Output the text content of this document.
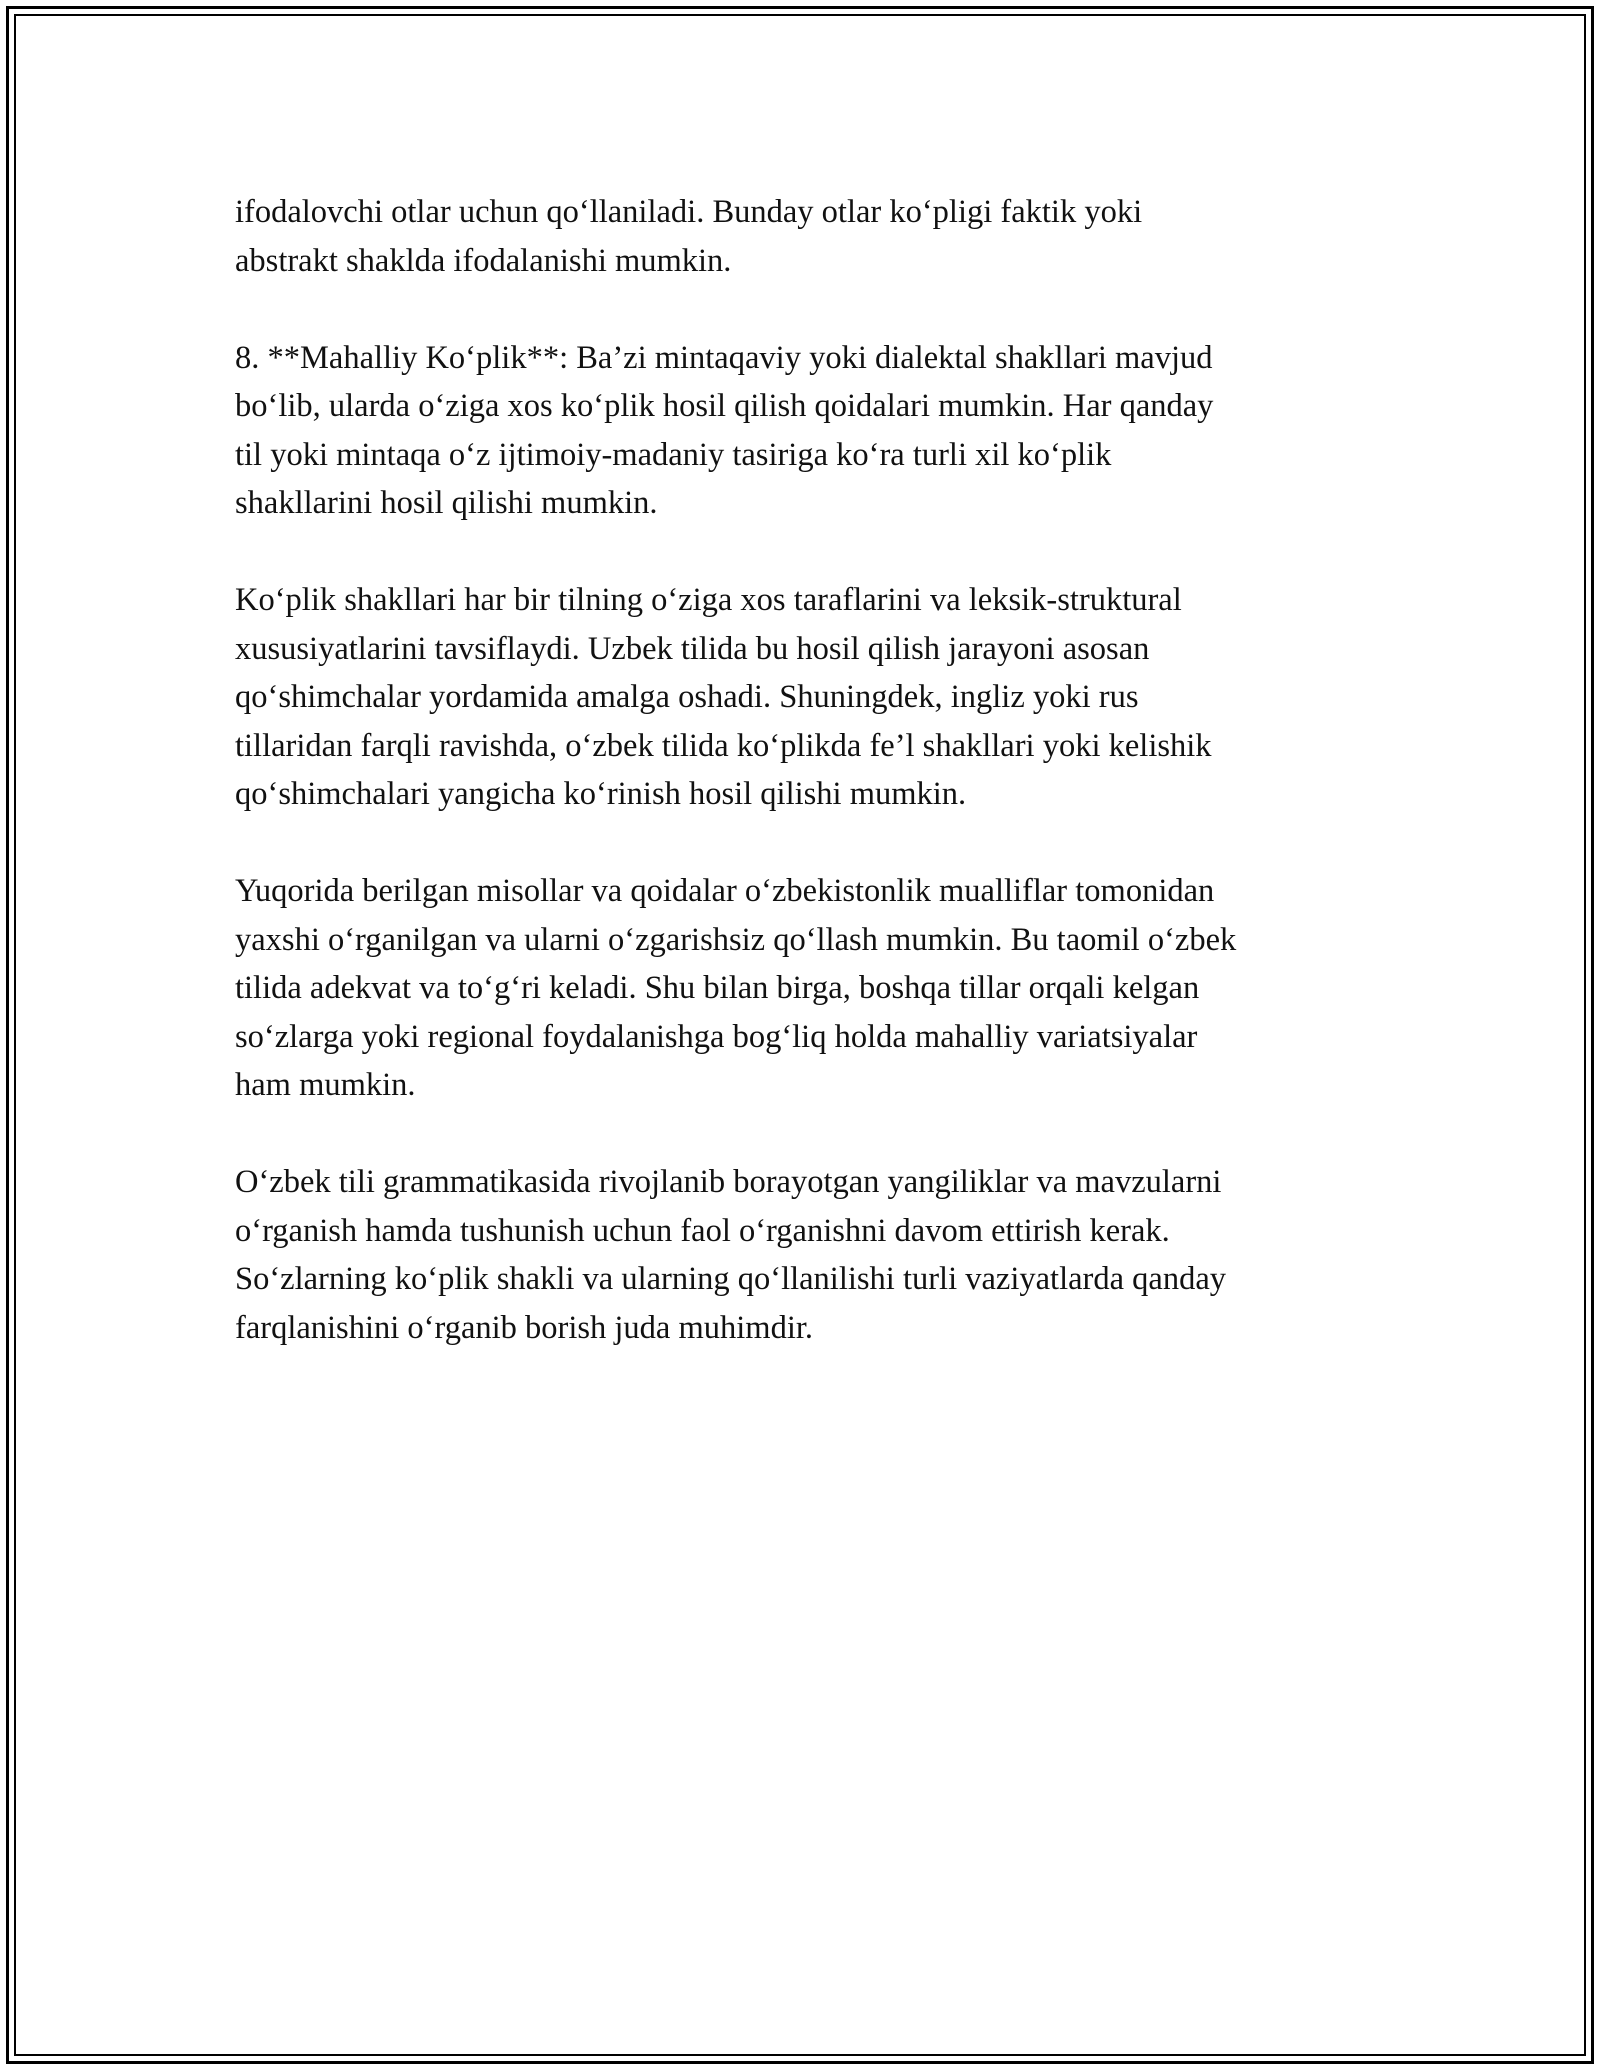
ifodalovchi otlar uchun qo‘llaniladi. Bunday otlar ko‘pligi faktik yoki
abstrakt shaklda ifodalanishi mumkin.

8. **Mahalliy Ko‘plik**: Ba’zi mintaqaviy yoki dialektal shakllari mavjud
bo‘lib, ularda o‘ziga xos ko‘plik hosil qilish qoidalari mumkin. Har qanday
til yoki mintaqa o‘z ijtimoiy-madaniy tasiriga ko‘ra turli xil ko‘plik
shakllarini hosil qilishi mumkin.

Ko‘plik shakllari har bir tilning o‘ziga xos taraflarini va leksik-struktural
xususiyatlarini tavsiflaydi. Uzbek tilida bu hosil qilish jarayoni asosan
qo‘shimchalar yordamida amalga oshadi. Shuningdek, ingliz yoki rus
tillaridan farqli ravishda, o‘zbek tilida ko‘plikda fe’l shakllari yoki kelishik
qo‘shimchalari yangicha ko‘rinish hosil qilishi mumkin.

Yuqorida berilgan misollar va qoidalar o‘zbekistonlik mualliflar tomonidan
yaxshi o‘rganilgan va ularni o‘zgarishsiz qo‘llash mumkin. Bu taomil o‘zbek
tilida adekvat va to‘g‘ri keladi. Shu bilan birga, boshqa tillar orqali kelgan
so‘zlarga yoki regional foydalanishga bog‘liq holda mahalliy variatsiyalar
ham mumkin.

O‘zbek tili grammatikasida rivojlanib borayotgan yangiliklar va mavzularni
o‘rganish hamda tushunish uchun faol o‘rganishni davom ettirish kerak.
So‘zlarning ko‘plik shakli va ularning qo‘llanilishi turli vaziyatlarda qanday
farqlanishini o‘rganib borish juda muhimdir.
